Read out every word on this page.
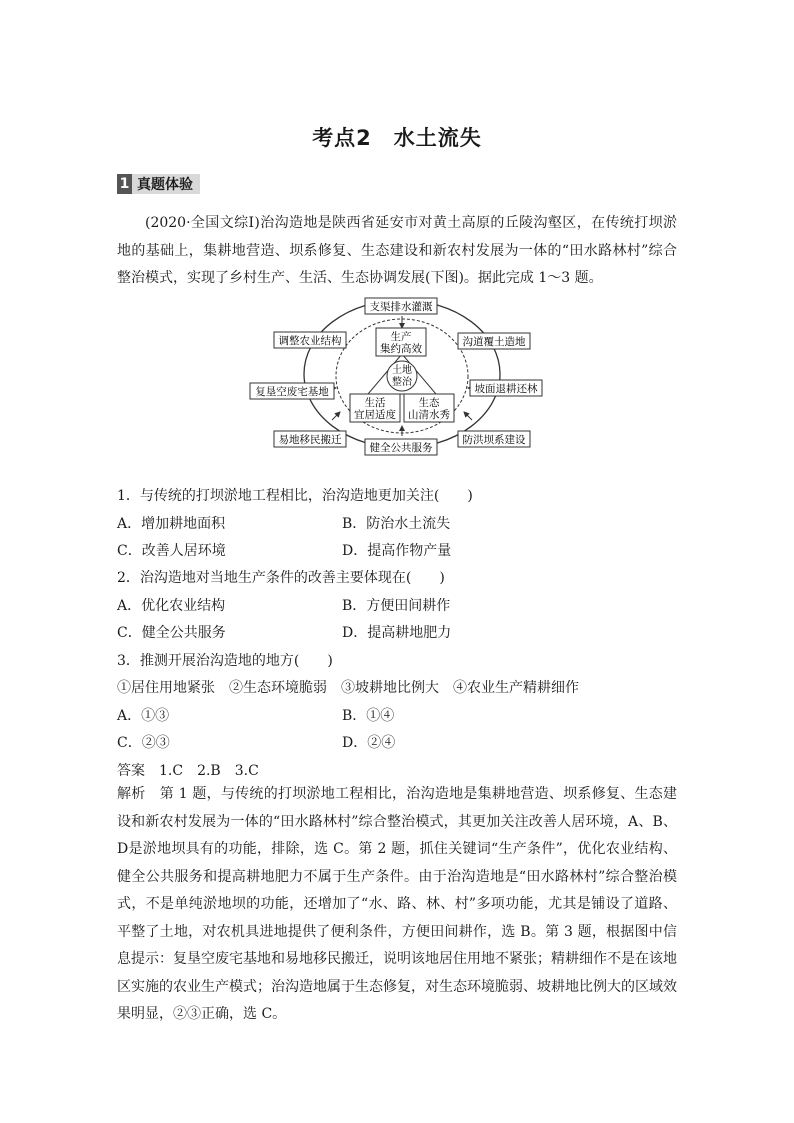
考点2　水土流失
1 真题体验
(2020·全国文综Ⅰ)治沟造地是陕西省延安市对黄土高原的丘陵沟壑区，在传统打坝淤地的基础上，集耕地营造、坝系修复、生态建设和新农村发展为一体的“田水路林村”综合整治模式，实现了乡村生产、生活、生态协调发展(下图)。据此完成 1～3 题。
支渠排水灌溉
沟道覆土造地
坡面退耕还林
防洪坝系建设
健全公共服务
易地移民搬迁
复垦空废宅基地
调整农业结构	生产
集约高效
生活
宜居适度
生态
山清水秀
土地
整治
1．与传统的打坝淤地工程相比，治沟造地更加关注(　　)
A．增加耕地面积	B．防治水土流失
C．改善人居环境	D．提高作物产量
2．治沟造地对当地生产条件的改善主要体现在(　　)
A．优化农业结构	B．方便田间耕作
C．健全公共服务	D．提高耕地肥力
3．推测开展治沟造地的地方(　　)
①居住用地紧张　②生态环境脆弱　③坡耕地比例大　④农业生产精耕细作
A．①③	B．①④
C．②③	D．②④
答案　 1.C　2.B　3.C
解析　 第 1 题，与传统的打坝淤地工程相比，治沟造地是集耕地营造、坝系修复、生态建设和新农村发展为一体的“田水路林村”综合整治模式，其更加关注改善人居环境，A、B、D是淤地坝具有的功能，排除，选 C。第 2 题，抓住关键词“生产条件”，优化农业结构、健全公共服务和提高耕地肥力不属于生产条件。由于治沟造地是“田水路林村”综合整治模式，不是单纯淤地坝的功能，还增加了“水、路、林、村”多项功能，尤其是铺设了道路、平整了土地，对农机具进地提供了便利条件，方便田间耕作，选 B。第 3 题，根据图中信息提示：复垦空废宅基地和易地移民搬迁，说明该地居住用地不紧张；精耕细作不是在该地区实施的农业生产模式；治沟造地属于生态修复，对生态环境脆弱、坡耕地比例大的区域效果明显，②③正确，选 C。
